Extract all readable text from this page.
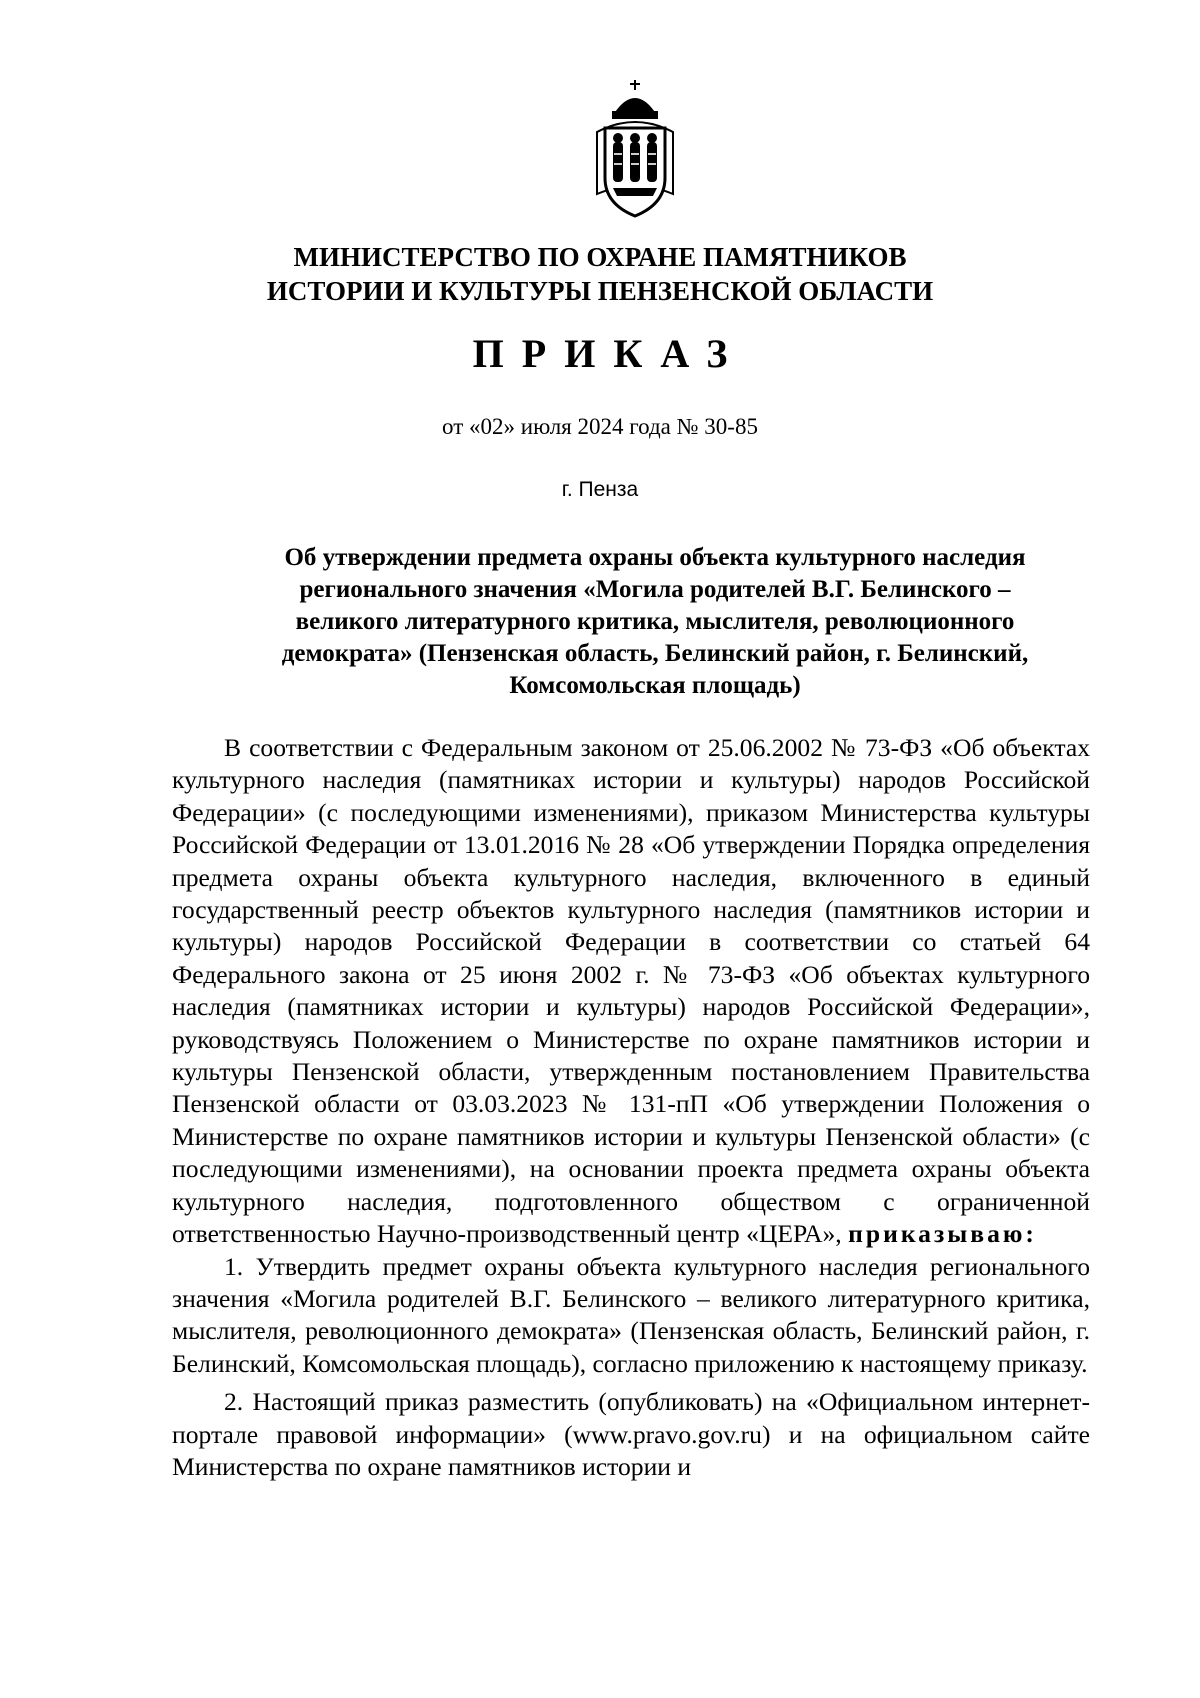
МИНИСТЕРСТВО ПО ОХРАНЕ ПАМЯТНИКОВ
ИСТОРИИ И КУЛЬТУРЫ ПЕНЗЕНСКОЙ ОБЛАСТИ
ПРИКАЗ
от «02» июля 2024 года № 30-85
г. Пенза
Об утверждении предмета охраны объекта культурного наследия
регионального значения «Могила родителей В.Г. Белинского –
великого литературного критика, мыслителя, революционного
демократа» (Пензенская область, Белинский район, г. Белинский,
Комсомольская площадь)

В соответствии с Федеральным законом от 25.06.2002 № 73-ФЗ «Об объектах культурного наследия (памятниках истории и культуры) народов Российской Федерации» (с последующими изменениями), приказом Министерства культуры Российской Федерации от 13.01.2016 № 28 «Об утверждении Порядка определения предмета охраны объекта культурного наследия, включенного в единый государственный реестр объектов культурного наследия (памятников истории и культуры) народов Российской Федерации в соответствии со статьей 64 Федерального закона от 25 июня 2002 г. № 73-ФЗ «Об объектах культурного наследия (памятниках истории и культуры) народов Российской Федерации», руководствуясь Положением о Министерстве по охране памятников истории и культуры Пензенской области, утвержденным постановлением Правительства Пензенской области от 03.03.2023 № 131-пП «Об утверждении Положения о Министерстве по охране памятников истории и культуры Пензенской области» (с последующими изменениями), на основании проекта предмета охраны объекта культурного наследия, подготовленного обществом с ограниченной ответственностью Научно-производственный центр «ЦЕРА», приказываю:

1. Утвердить предмет охраны объекта культурного наследия регионального значения «Могила родителей В.Г. Белинского – великого литературного критика, мыслителя, революционного демократа» (Пензенская область, Белинский район, г. Белинский, Комсомольская площадь), согласно приложению к настоящему приказу.

2. Настоящий приказ разместить (опубликовать) на «Официальном интернет-портале правовой информации» (www.pravo.gov.ru) и на официальном сайте Министерства по охране памятников истории и
